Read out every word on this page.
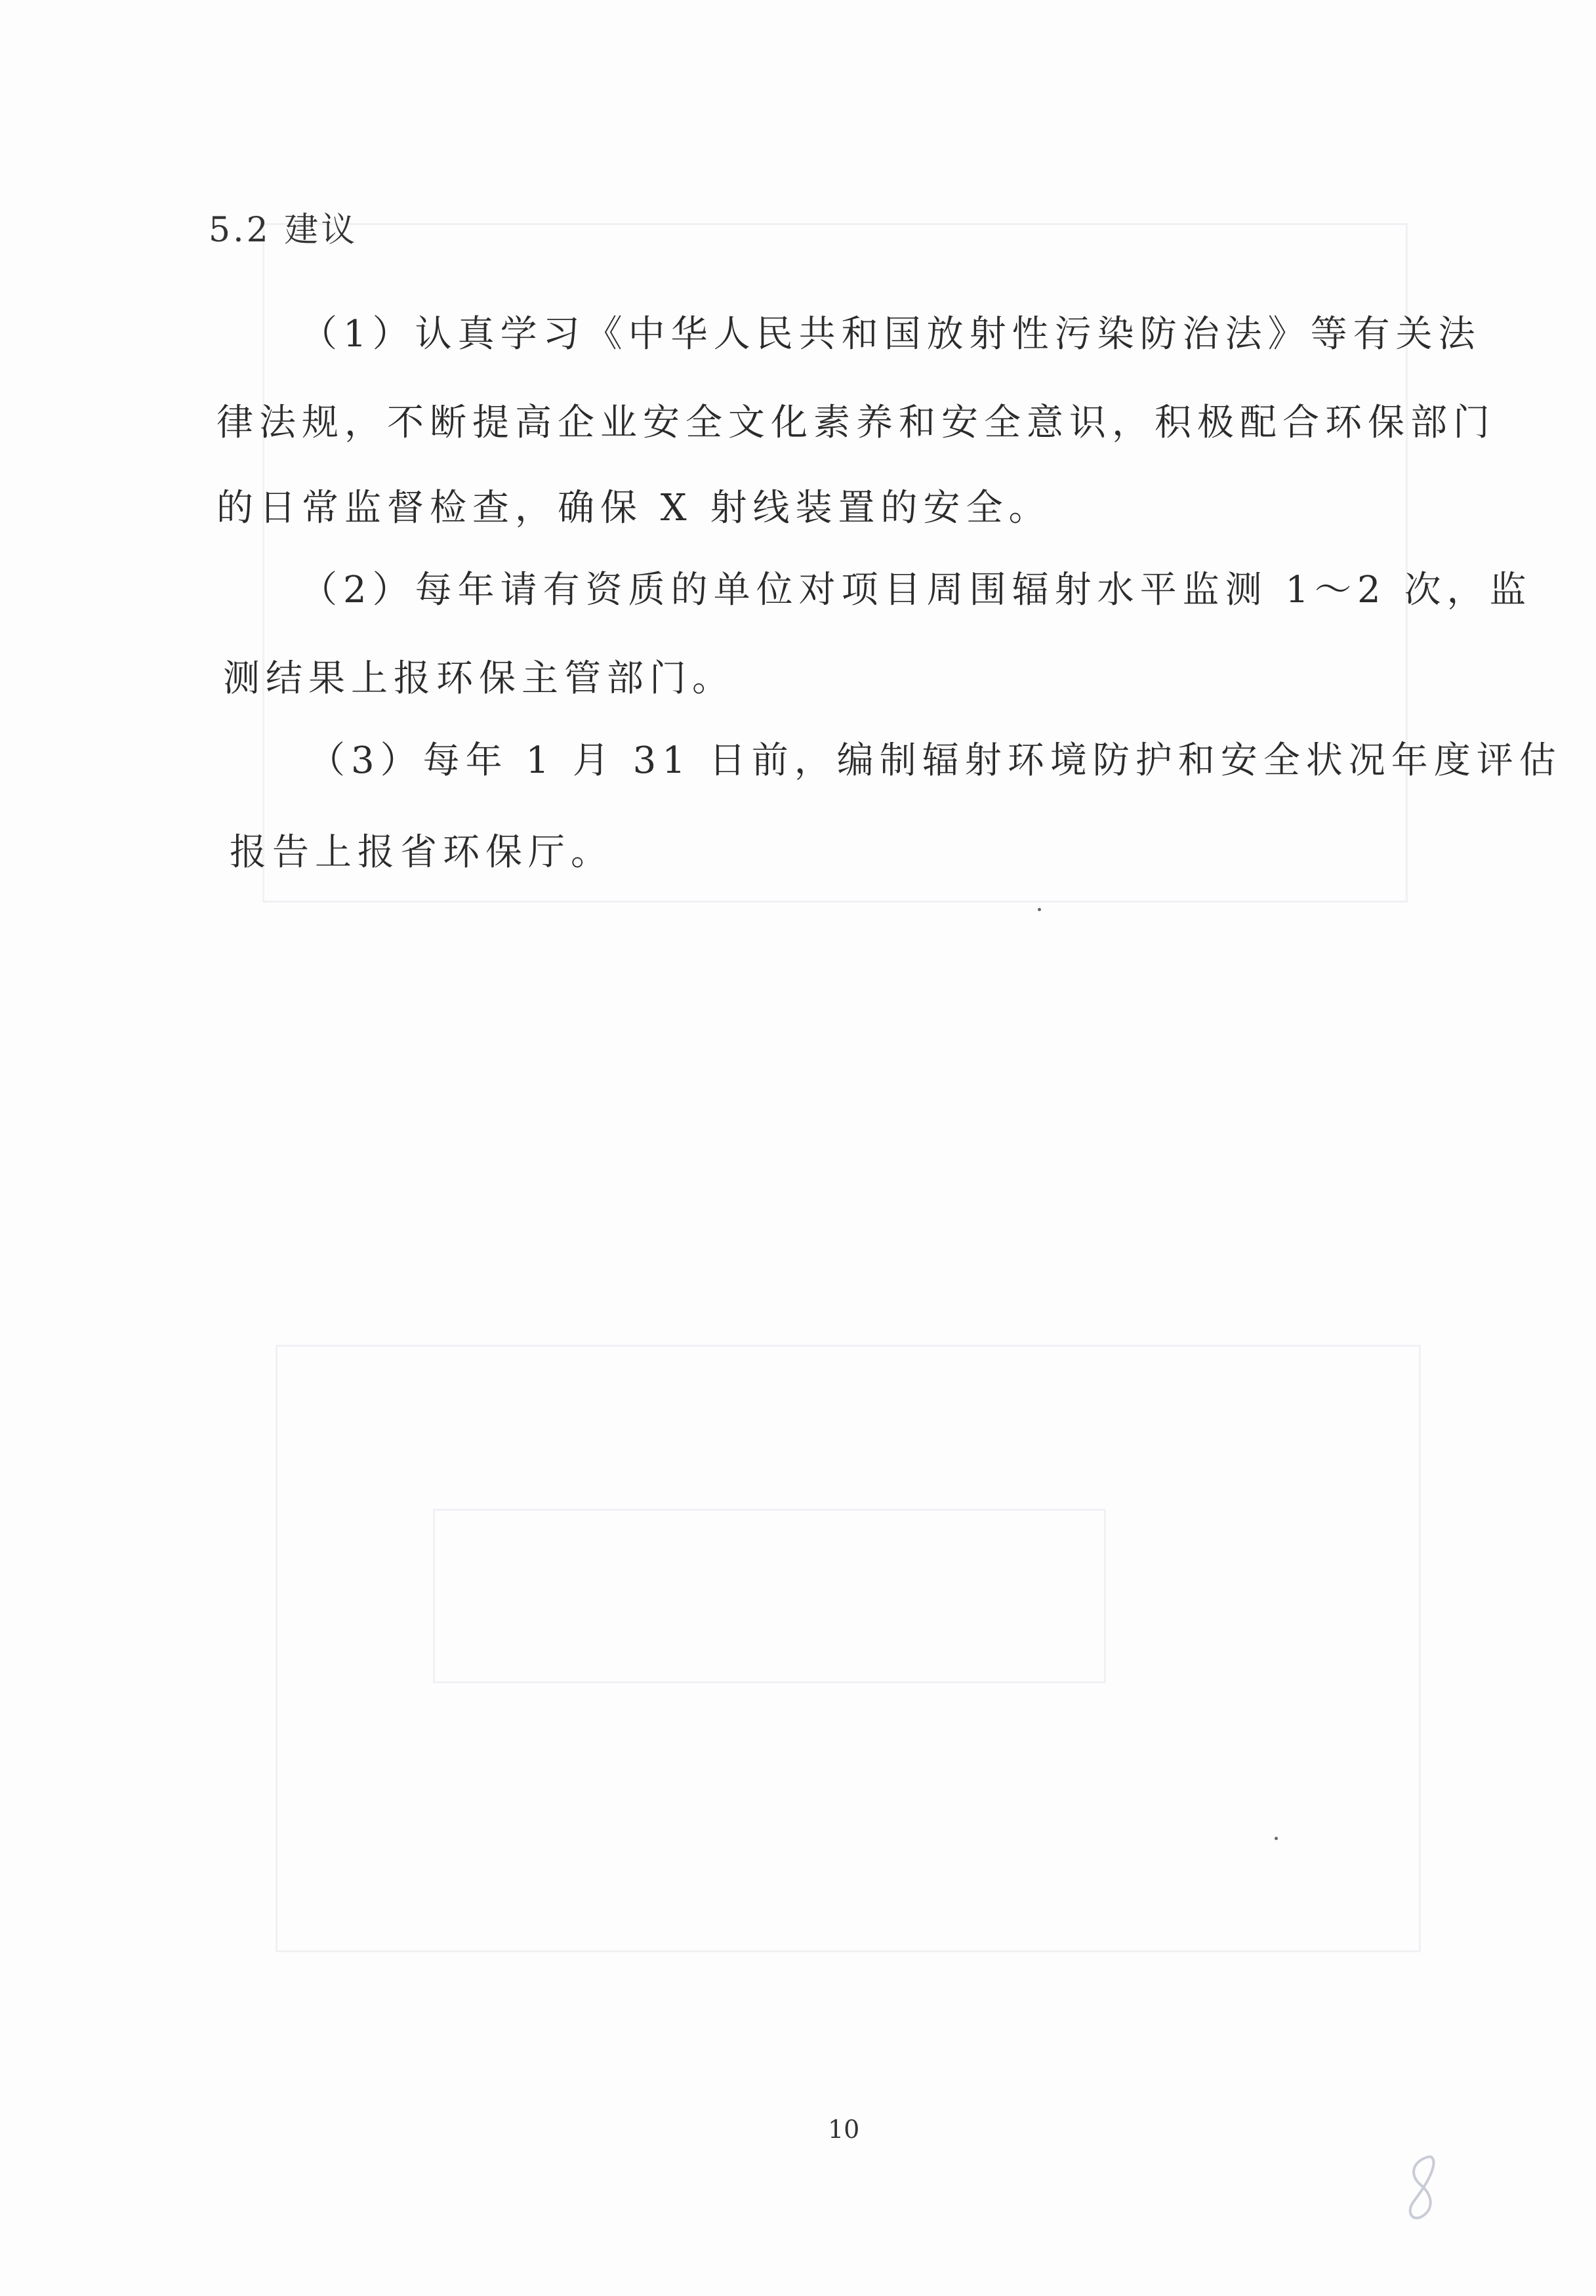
5.2 建议
（1）认真学习《中华人民共和国放射性污染防治法》等有关法
律法规，不断提高企业安全文化素养和安全意识，积极配合环保部门
的日常监督检查，确保 X 射线装置的安全。
（2）每年请有资质的单位对项目周围辐射水平监测 1～2 次，监
测结果上报环保主管部门。
（3）每年 1 月 31 日前，编制辐射环境防护和安全状况年度评估
报告上报省环保厅。
10
